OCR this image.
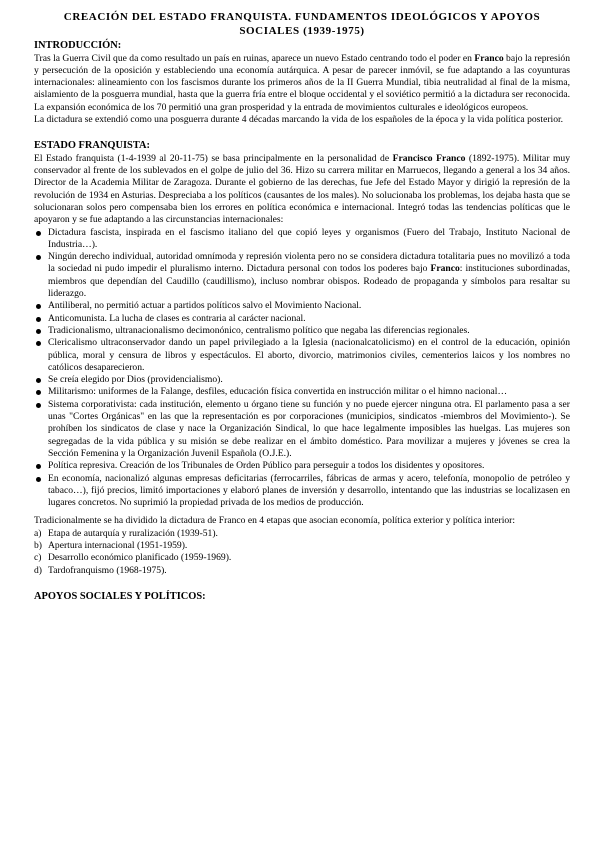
CREACIÓN DEL ESTADO FRANQUISTA. FUNDAMENTOS IDEOLÓGICOS Y APOYOS
SOCIALES (1939-1975)
INTRODUCCIÓN:

Tras la Guerra Civil que da como resultado un país en ruinas, aparece un nuevo Estado centrando todo el poder en Franco bajo la represión y persecución de la oposición y estableciendo una economía autárquica. A pesar de parecer inmóvil, se fue adaptando a las coyunturas internacionales: alineamiento con los fascismos durante los primeros años de la II Guerra Mundial, tibia neutralidad al final de la misma, aislamiento de la posguerra mundial, hasta que la guerra fría entre el bloque occidental y el soviético permitió a la dictadura ser reconocida. La expansión económica de los 70 permitió una gran prosperidad y la entrada de movimientos culturales e ideológicos europeos.

La dictadura se extendió como una posguerra durante 4 décadas marcando la vida de los españoles de la época y la vida política posterior.

ESTADO FRANQUISTA:

El Estado franquista (1-4-1939 al 20-11-75) se basa principalmente en la personalidad de Francisco Franco (1892-1975). Militar muy conservador al frente de los sublevados en el golpe de julio del 36. Hizo su carrera militar en Marruecos, llegando a general a los 34 años. Director de la Academia Militar de Zaragoza. Durante el gobierno de las derechas, fue Jefe del Estado Mayor y dirigió la represión de la revolución de 1934 en Asturias. Despreciaba a los políticos (causantes de los males). No solucionaba los problemas, los dejaba hasta que se solucionaran solos pero compensaba bien los errores en política económica e internacional. Integró todas las tendencias políticas que le apoyaron y se fue adaptando a las circunstancias internacionales:

Dictadura fascista, inspirada en el fascismo italiano del que copió leyes y organismos (Fuero del Trabajo, Instituto Nacional de Industria…).
Ningún derecho individual, autoridad omnímoda y represión violenta pero no se considera dictadura totalitaria pues no movilizó a toda la sociedad ni pudo impedir el pluralismo interno. Dictadura personal con todos los poderes bajo Franco: instituciones subordinadas, miembros que dependían del Caudillo (caudillismo), incluso nombrar obispos. Rodeado de propaganda y símbolos para resaltar su liderazgo.
Antiliberal, no permitió actuar a partidos políticos salvo el Movimiento Nacional.
Anticomunista. La lucha de clases es contraria al carácter nacional.
Tradicionalismo, ultranacionalismo decimonónico, centralismo político que negaba las diferencias regionales.
Clericalismo ultraconservador dando un papel privilegiado a la Iglesia (nacionalcatolicismo) en el control de la educación, opinión pública, moral y censura de libros y espectáculos. El aborto, divorcio, matrimonios civiles, cementerios laicos y los nombres no católicos desaparecieron.
Se creía elegido por Dios (providencialismo).
Militarismo: uniformes de la Falange, desfiles, educación física convertida en instrucción militar o el himno nacional…
Sistema corporativista: cada institución, elemento u órgano tiene su función y no puede ejercer ninguna otra. El parlamento pasa a ser unas "Cortes Orgánicas" en las que la representación es por corporaciones (municipios, sindicatos -miembros del Movimiento-). Se prohíben los sindicatos de clase y nace la Organización Sindical, lo que hace legalmente imposibles las huelgas. Las mujeres son segregadas de la vida pública y su misión se debe realizar en el ámbito doméstico. Para movilizar a mujeres y jóvenes se crea la Sección Femenina y la Organización Juvenil Española (O.J.E.).
Política represiva. Creación de los Tribunales de Orden Público para perseguir a todos los disidentes y opositores.
En economía, nacionalizó algunas empresas deficitarias (ferrocarriles, fábricas de armas y acero, telefonía, monopolio de petróleo y tabaco…), fijó precios, limitó importaciones y elaboró planes de inversión y desarrollo, intentando que las industrias se localizasen en lugares concretos. No suprimió la propiedad privada de los medios de producción.

Tradicionalmente se ha dividido la dictadura de Franco en 4 etapas que asocian economía, política exterior y política interior:

a) Etapa de autarquía y ruralización (1939-51).
b) Apertura internacional (1951-1959).
c) Desarrollo económico planificado (1959-1969).
d) Tardofranquismo (1968-1975).
APOYOS SOCIALES Y POLÍTICOS:
